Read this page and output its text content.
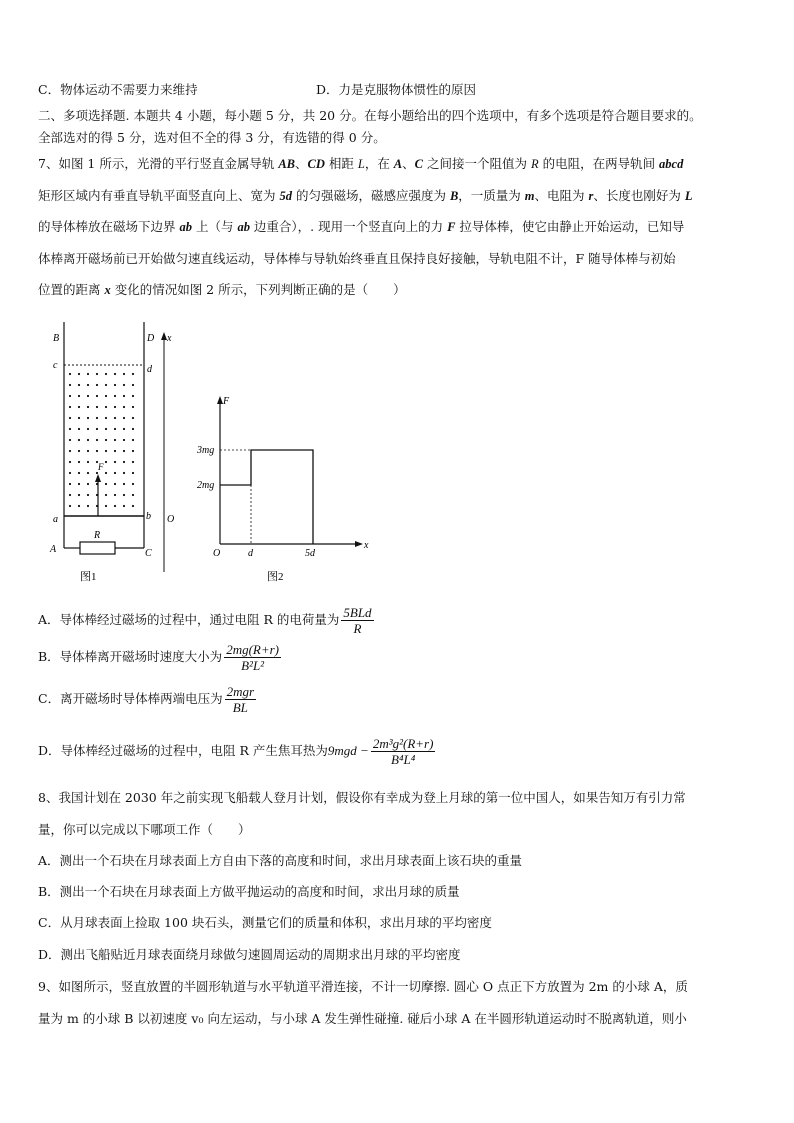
C．物体运动不需要力来维持	D．力是克服物体惯性的原因
二、多项选择题. 本题共 4 小题，每小题 5 分，共 20 分。在每小题给出的四个选项中，有多个选项是符合题目要求的。
全部选对的得 5 分，选对但不全的得 3 分，有选错的得 0 分。
7、如图 1 所示，光滑的平行竖直金属导轨 AB、CD 相距 L，在 A、C 之间接一个阻值为 R 的电阻，在两导轨间 abcd
矩形区域内有垂直导轨平面竖直向上、宽为 5d 的匀强磁场，磁感应强度为 B，一质量为 m、电阻为 r、长度也刚好为 L
的导体棒放在磁场下边界 ab 上（与 ab 边重合），. 现用一个竖直向上的力 F 拉导体棒，使它由静止开始运动，已知导
体棒离开磁场前已开始做匀速直线运动，导体棒与导轨始终垂直且保持良好接触，导轨电阻不计，F 随导体棒与初始
位置的距离 x 变化的情况如图 2 所示，下列判断正确的是（　　）
B	D x
c	d
a	b O
A	C
R
F
图1
F
3mg
2mg
O	d	5d
x
图2
A．导体棒经过磁场的过程中，通过电阻 R 的电荷量为 $\frac{\text{5BLd}}{R}$
B．导体棒离开磁场时速度大小为 $\frac{2mg(R+r)}{\text{B²L²}}$
C．离开磁场时导体棒两端电压为 $\frac{\text{2mgr}}{BL}$
D．导体棒经过磁场的过程中，电阻 R 产生焦耳热为$9mgd - \frac{\text{2m³g²(R+r)}}{\text{B⁴L⁴}}$
8、我国计划在 2030 年之前实现飞船载人登月计划，假设你有幸成为登上月球的第一位中国人，如果告知万有引力常
量，你可以完成以下哪项工作（　　）
A．测出一个石块在月球表面上方自由下落的高度和时间，求出月球表面上该石块的重量
B．测出一个石块在月球表面上方做平抛运动的高度和时间，求出月球的质量
C．从月球表面上捡取 100 块石头，测量它们的质量和体积，求出月球的平均密度
D．测出飞船贴近月球表面绕月球做匀速圆周运动的周期求出月球的平均密度
9、如图所示，竖直放置的半圆形轨道与水平轨道平滑连接，不计一切摩擦. 圆心 O 点正下方放置为 2m 的小球 A，质
量为 m 的小球 B 以初速度 v₀ 向左运动，与小球 A 发生弹性碰撞. 碰后小球 A 在半圆形轨道运动时不脱离轨道，则小
